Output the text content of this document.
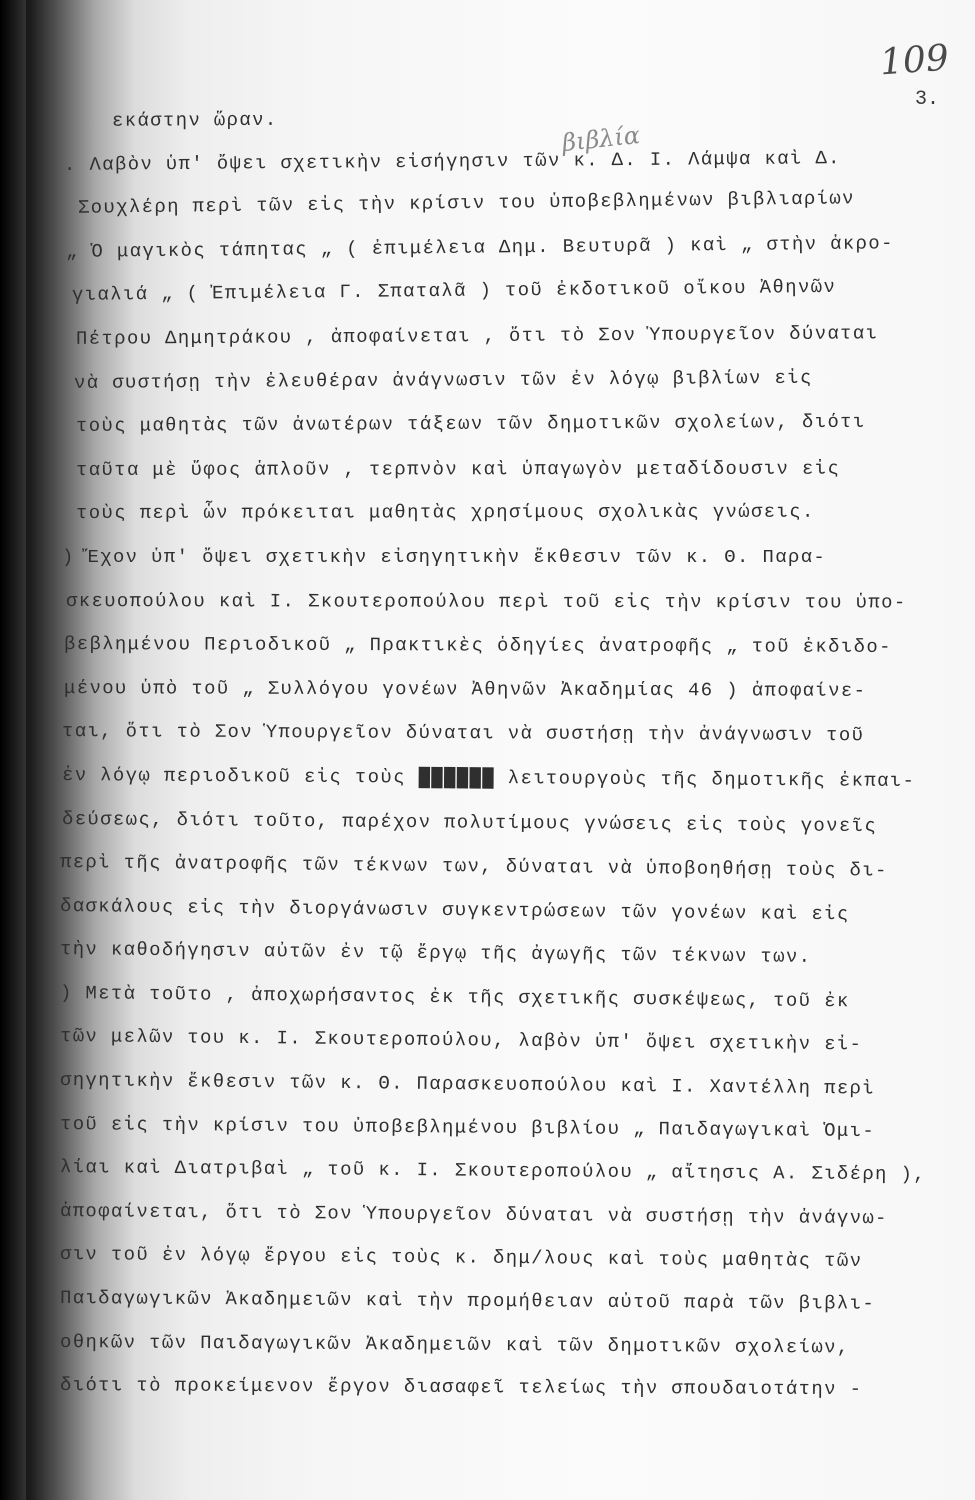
109

3.

βιβλία

εκάστην ὥραν.
. Λαβὸν ὑπ' ὄψει σχετικὴν εἰσήγησιν τῶν κ. Δ. Ι. Λάμψα καὶ Δ.
Σουχλέρη περὶ τῶν εἰς τὴν κρίσιν του ὑποβεβλημένων βιβλιαρίων
„ Ὁ μαγικὸς τάπητας „ ( ἐπιμέλεια Δημ. Βευτυρᾶ ) καὶ „ στὴν ἀκρο-
γιαλιά „ ( Ἐπιμέλεια Γ. Σπαταλᾶ ) τοῦ ἐκδοτικοῦ οἴκου Ἀθηνῶν
Πέτρου Δημητράκου , ἀποφαίνεται , ὅτι τὸ Σον Ὑπουργεῖον δύναται
νὰ συστήσῃ τὴν ἐλευθέραν ἀνάγνωσιν τῶν ἐν λόγῳ βιβλίων εἰς
τοὺς μαθητὰς τῶν ἀνωτέρων τάξεων τῶν δημοτικῶν σχολείων, διότι
ταῦτα μὲ ὕφος ἁπλοῦν , τερπνὸν καὶ ὑπαγωγὸν μεταδίδουσιν εἰς
τοὺς περὶ ὧν πρόκειται μαθητὰς χρησίμους σχολικὰς γνώσεις.
) Ἔχον ὑπ' ὄψει σχετικὴν εἰσηγητικὴν ἔκθεσιν τῶν κ. Θ. Παρα-
σκευοπούλου καὶ Ι. Σκουτεροπούλου περὶ τοῦ εἰς τὴν κρίσιν του ὑπο-
βεβλημένου Περιοδικοῦ „ Πρακτικὲς ὁδηγίες ἀνατροφῆς „ τοῦ ἐκδιδο-
μένου ὑπὸ τοῦ „ Συλλόγου γονέων Ἀθηνῶν Ἀκαδημίας 46 ) ἀποφαίνε-
ται, ὅτι τὸ Σον Ὑπουργεῖον δύναται νὰ συστήσῃ τὴν ἀνάγνωσιν τοῦ
ἐν λόγῳ περιοδικοῦ εἰς τοὺς ██████ λειτουργοὺς τῆς δημοτικῆς ἐκπαι-
δεύσεως, διότι τοῦτο, παρέχον πολυτίμους γνώσεις εἰς τοὺς γονεῖς
περὶ τῆς ἀνατροφῆς τῶν τέκνων των, δύναται νὰ ὑποβοηθήσῃ τοὺς δι-
δασκάλους εἰς τὴν διοργάνωσιν συγκεντρώσεων τῶν γονέων καὶ εἰς
τὴν καθοδήγησιν αὐτῶν ἐν τῷ ἔργῳ τῆς ἀγωγῆς τῶν τέκνων των.
) Μετὰ τοῦτο , ἀποχωρήσαντος ἐκ τῆς σχετικῆς συσκέψεως, τοῦ ἐκ
τῶν μελῶν του κ. Ι. Σκουτεροπούλου, λαβὸν ὑπ' ὄψει σχετικὴν εἰ-
σηγητικὴν ἔκθεσιν τῶν κ. Θ. Παρασκευοπούλου καὶ Ι. Χαντέλλη περὶ
τοῦ εἰς τὴν κρίσιν του ὑποβεβλημένου βιβλίου „ Παιδαγωγικαὶ Ὁμι-
λίαι καὶ Διατριβαὶ „ τοῦ κ. Ι. Σκουτεροπούλου „ αἴτησις Α. Σιδέρη ),
ἀποφαίνεται, ὅτι τὸ Σον Ὑπουργεῖον δύναται νὰ συστήσῃ τὴν ἀνάγνω-
σιν τοῦ ἐν λόγῳ ἔργου εἰς τοὺς κ. δημ/λους καὶ τοὺς μαθητὰς τῶν
Παιδαγωγικῶν Ἀκαδημειῶν καὶ τὴν προμήθειαν αὐτοῦ παρὰ τῶν βιβλι-
οθηκῶν τῶν Παιδαγωγικῶν Ἀκαδημειῶν καὶ τῶν δημοτικῶν σχολείων,
διότι τὸ προκείμενον ἔργον διασαφεῖ τελείως τὴν σπουδαιοτάτην -
